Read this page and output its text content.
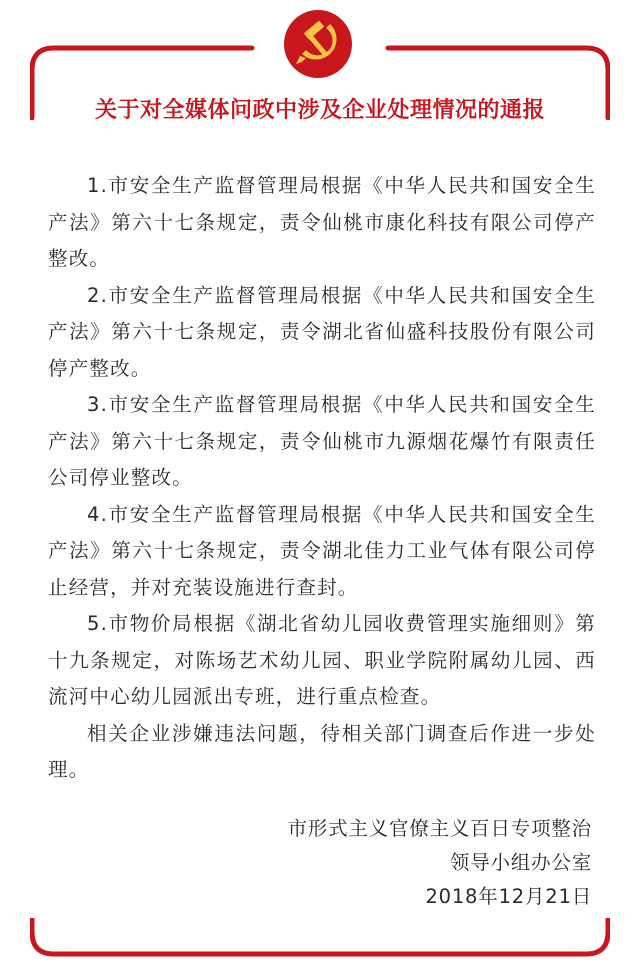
关于对全媒体问政中涉及企业处理情况的通报

1.市安全生产监督管理局根据《中华人民共和国安全生产法》第六十七条规定，责令仙桃市康化科技有限公司停产整改。

2.市安全生产监督管理局根据《中华人民共和国安全生产法》第六十七条规定，责令湖北省仙盛科技股份有限公司停产整改。

3.市安全生产监督管理局根据《中华人民共和国安全生产法》第六十七条规定，责令仙桃市九源烟花爆竹有限责任公司停业整改。

4.市安全生产监督管理局根据《中华人民共和国安全生产法》第六十七条规定，责令湖北佳力工业气体有限公司停止经营，并对充装设施进行查封。

5.市物价局根据《湖北省幼儿园收费管理实施细则》第十九条规定，对陈场艺术幼儿园、职业学院附属幼儿园、西流河中心幼儿园派出专班，进行重点检查。

相关企业涉嫌违法问题，待相关部门调查后作进一步处理。

市形式主义官僚主义百日专项整治
领导小组办公室
2018年12月21日
